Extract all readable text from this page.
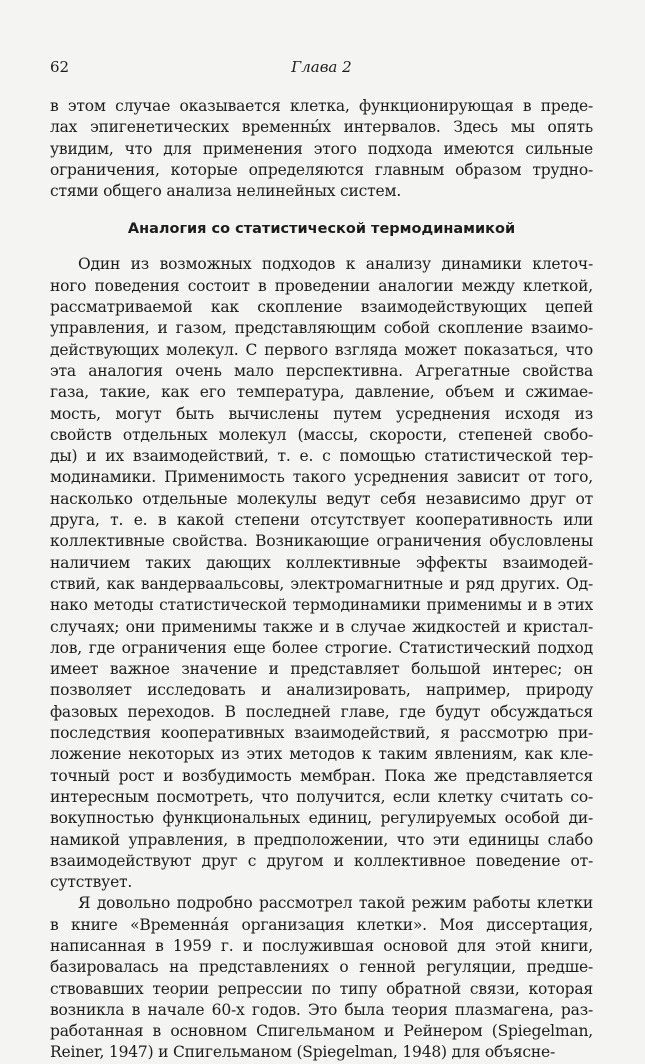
62	Глава 2
в этом случае оказывается клетка, функционирующая в преде-
лах эпигенетических временны́х интервалов. Здесь мы опять
увидим, что для применения этого подхода имеются сильные
ограничения, которые определяются главным образом трудно-
стями общего анализа нелинейных систем.
Аналогия со статистической термодинамикой
Один из возможных подходов к анализу динамики клеточ-
ного поведения состоит в проведении аналогии между клеткой,
рассматриваемой как скопление взаимодействующих цепей
управления, и газом, представляющим собой скопление взаимо-
действующих молекул. С первого взгляда может показаться, что
эта аналогия очень мало перспективна. Агрегатные свойства
газа, такие, как его температура, давление, объем и сжимае-
мость, могут быть вычислены путем усреднения исходя из
свойств отдельных молекул (массы, скорости, степеней свобо-
ды) и их взаимодействий, т. е. с помощью статистической тер-
модинамики. Применимость такого усреднения зависит от того,
насколько отдельные молекулы ведут себя независимо друг от
друга, т. е. в какой степени отсутствует кооперативность или
коллективные свойства. Возникающие ограничения обусловлены
наличием таких дающих коллективные эффекты взаимодей-
ствий, как вандерваальсовы, электромагнитные и ряд других. Од-
нако методы статистической термодинамики применимы и в этих
случаях; они применимы также и в случае жидкостей и кристал-
лов, где ограничения еще более строгие. Статистический подход
имеет важное значение и представляет большой интерес; он
позволяет исследовать и анализировать, например, природу
фазовых переходов. В последней главе, где будут обсуждаться
последствия кооперативных взаимодействий, я рассмотрю при-
ложение некоторых из этих методов к таким явлениям, как кле-
точный рост и возбудимость мембран. Пока же представляется
интересным посмотреть, что получится, если клетку считать со-
вокупностью функциональных единиц, регулируемых особой ди-
намикой управления, в предположении, что эти единицы слабо
взаимодействуют друг с другом и коллективное поведение от-
сутствует.
Я довольно подробно рассмотрел такой режим работы клетки
в книге «Временна́я организация клетки». Моя диссертация,
написанная в 1959 г. и послужившая основой для этой книги,
базировалась на представлениях о генной регуляции, предше-
ствовавших теории репрессии по типу обратной связи, которая
возникла в начале 60-х годов. Это была теория плазмагена, раз-
работанная в основном Спигельманом и Рейнером (Spiegelman,
Reiner, 1947) и Спигельманом (Spiegelman, 1948) для объясне-
